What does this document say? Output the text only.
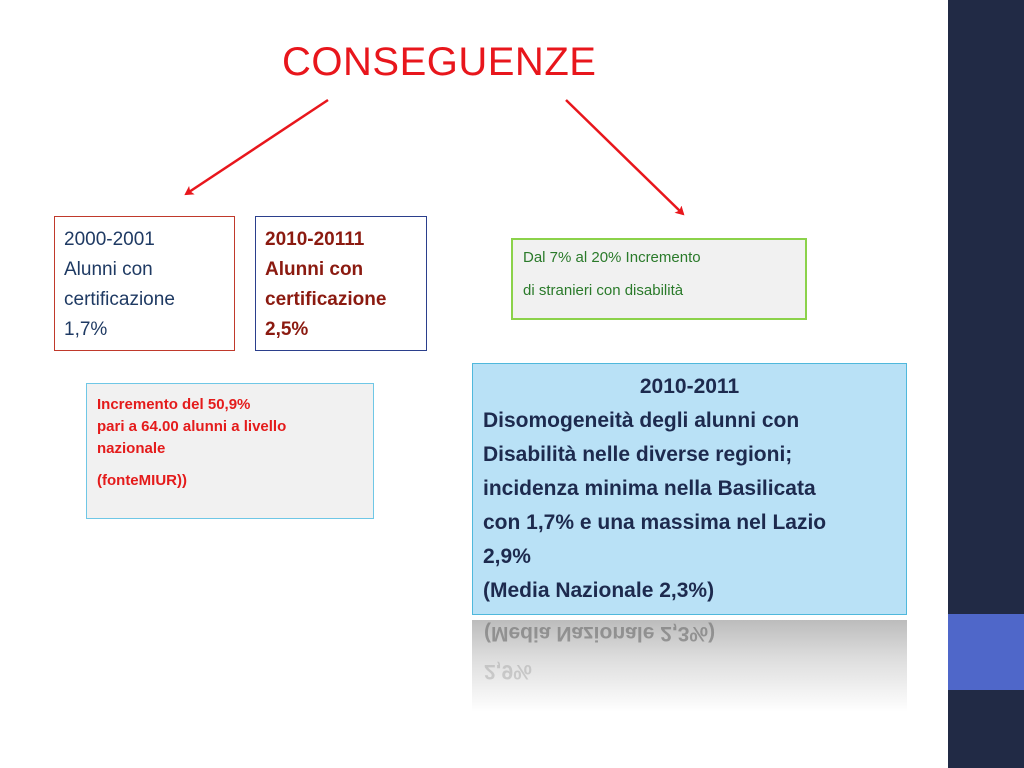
CONSEGUENZE
2000-2001
Alunni con
certificazione
1,7%
2010-20111
Alunni con
certificazione
2,5%
Dal 7% al 20% Incremento
di stranieri con disabilità
Incremento del 50,9%
pari a 64.00 alunni a livello
nazionale
(fonteMIUR))
2010-2011
Disomogeneità degli alunni con
Disabilità nelle diverse regioni;
incidenza minima nella Basilicata
con 1,7% e una massima nel Lazio
2,9%
(Media Nazionale 2,3%)
(Media Nazionale 2,3%)
2,9%
